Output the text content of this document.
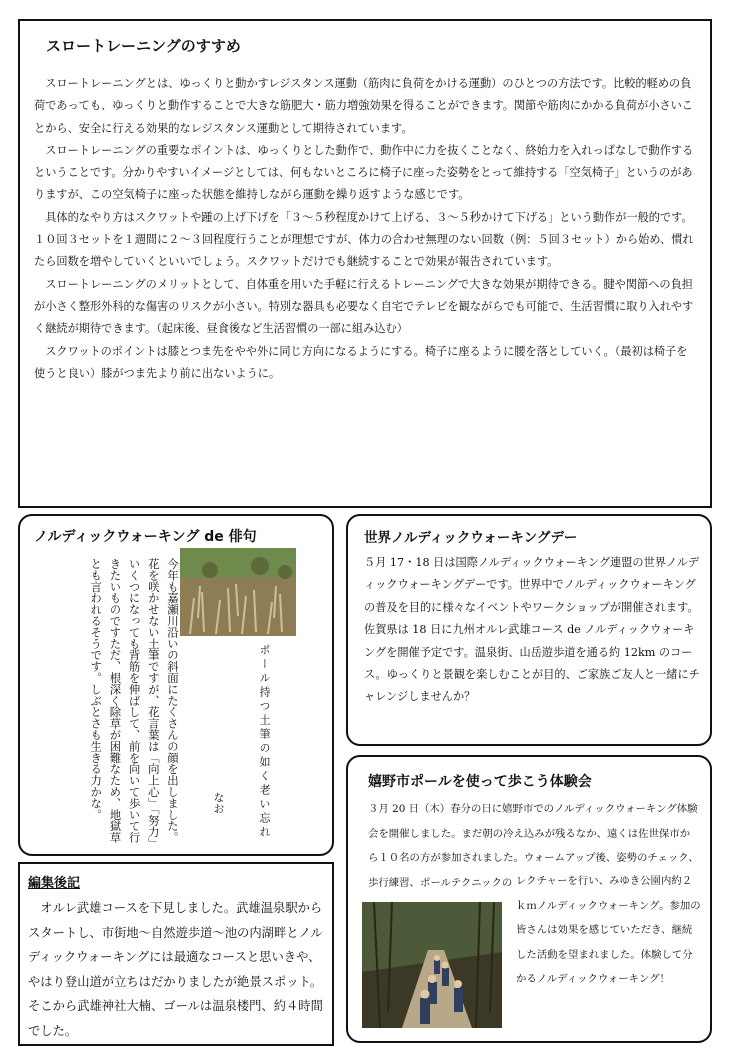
スロートレーニングのすすめ

スロートレーニングとは、ゆっくりと動かすレジスタンス運動（筋肉に負荷をかける運動）のひとつの方法です。比較的軽めの負荷であっても、ゆっくりと動作することで大きな筋肥大・筋力増強効果を得ることができます。関節や筋肉にかかる負荷が小さいことから、安全に行える効果的なレジスタンス運動として期待されています。

スロートレーニングの重要なポイントは、ゆっくりとした動作で、動作中に力を抜くことなく、終始力を入れっぱなしで動作するということです。分かりやすいイメージとしては、何もないところに椅子に座った姿勢をとって維持する「空気椅子」というのがありますが、この空気椅子に座った状態を維持しながら運動を繰り返すような感じです。

具体的なやり方はスクワットや踵の上げ下げを「３～５秒程度かけて上げる、３～５秒かけて下げる」という動作が一般的です。１０回３セットを１週間に２～３回程度行うことが理想ですが、体力の合わせ無理のない回数（例：５回３セット）から始め、慣れたら回数を増やしていくといいでしょう。スクワットだけでも継続することで効果が報告されています。

スロートレーニングのメリットとして、自体重を用いた手軽に行えるトレーニングで大きな効果が期待できる。腱や関節への負担が小さく整形外科的な傷害のリスクが小さい。特別な器具も必要なく自宅でテレビを観ながらでも可能で、生活習慣に取り入れやすく継続が期待できます。（起床後、昼食後など生活習慣の一部に組み込む）

スクワットのポイントは膝とつま先をやや外に同じ方向になるようにする。椅子に座るように腰を落としていく。（最初は椅子を使うと良い）膝がつま先より前に出ないように。

ノルディックウォーキング de 俳句
今年も嘉瀬川沿いの斜面にたくさんの顔を出しました。花を咲かせない土筆ですが、花言葉は「向上心」「努力」いくつになっても背筋を伸ばして、前を向いて歩いて行きたいものですただ、根深く除草が困難なため、地獄草とも言われるそうです。しぶとさも生きる力かな。	ポール持つ土筆の如く老い忘れ
なお
編集後記

オルレ武雄コースを下見しました。武雄温泉駅からスタートし、市街地～自然遊歩道～池の内湖畔とノルディックウォーキングには最適なコースと思いきや、やはり登山道が立ちはだかりましたが絶景スポット。そこから武雄神社大楠、ゴールは温泉楼門、約４時間でした。

世界ノルディックウォーキングデー
５月 17・18 日は国際ノルディックウォーキング連盟の世界ノルディックウォーキングデーです。世界中でノルディックウォーキングの普及を目的に様々なイベントやワークショップが開催されます。佐賀県は 18 日に九州オルレ武雄コース de ノルディックウォーキングを開催予定です。温泉街、山岳遊歩道を通る約 12km のコース。ゆっくりと景観を楽しむことが目的、ご家族ご友人と一緒にチャレンジしませんか？
嬉野市ポールを使って歩こう体験会
３月 20 日（木）春分の日に嬉野市でのノルディックウォーキング体験会を開催しました。まだ朝の冷え込みが残るなか、遠くは佐世保市から１０名の方が参加されました。ウォームアップ後、姿勢のチェック、歩行練習、ポールテクニックの レクチャーを行い、みゆき公園内約２ｋｍノルディックウォーキング。参加の皆さんは効果を感じていただき、継続した活動を望まれました。体験して分かるノルディックウォーキング！
